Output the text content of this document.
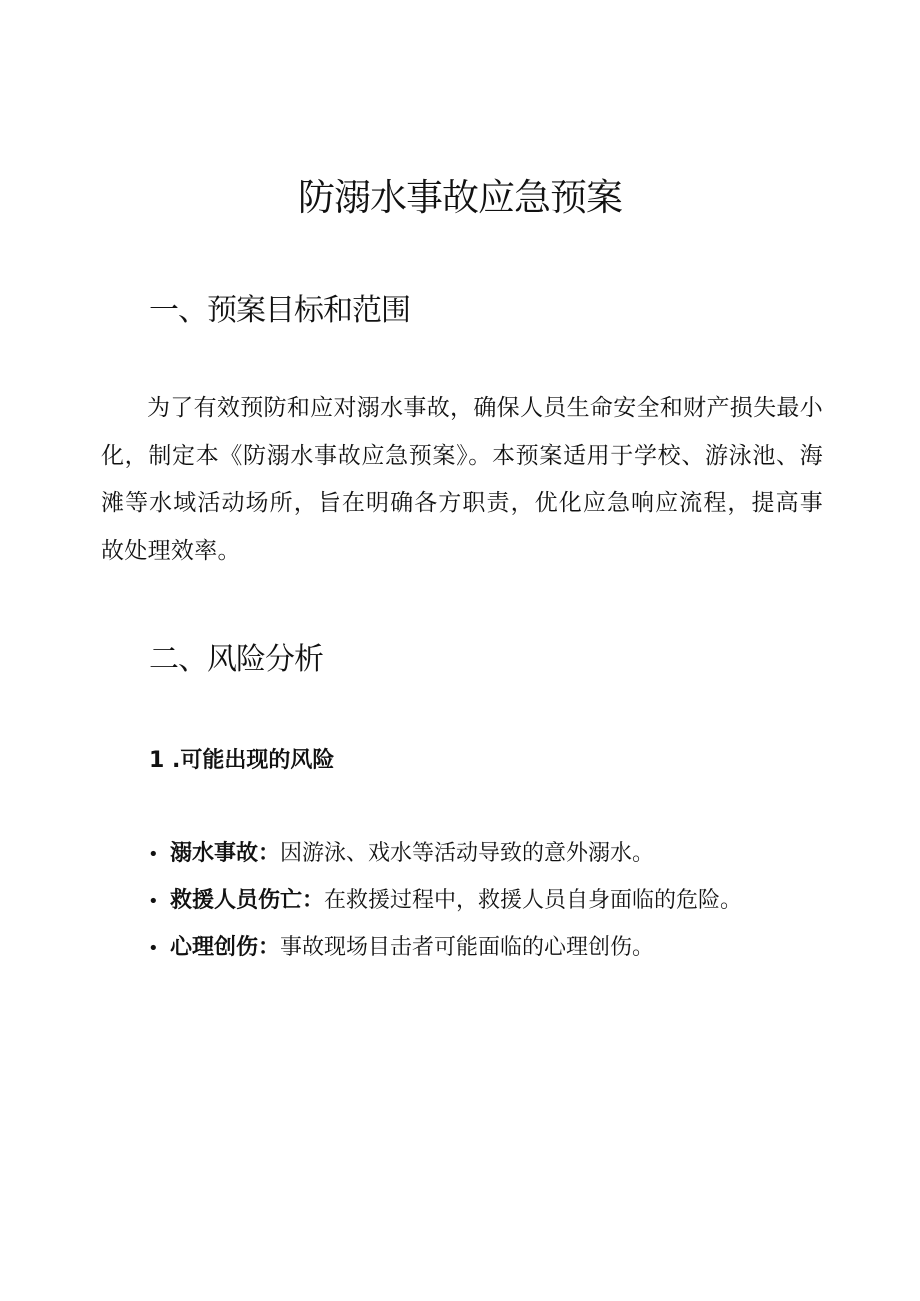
防溺水事故应急预案
一、预案目标和范围

为了有效预防和应对溺水事故，确保人员生命安全和财产损失最小化，制定本《防溺水事故应急预案》。本预案适用于学校、游泳池、海滩等水域活动场所，旨在明确各方职责，优化应急响应流程，提高事故处理效率。

二、风险分析
1 .可能出现的风险
• 溺水事故：因游泳、戏水等活动导致的意外溺水。
• 救援人员伤亡：在救援过程中，救援人员自身面临的危险。
• 心理创伤：事故现场目击者可能面临的心理创伤。
